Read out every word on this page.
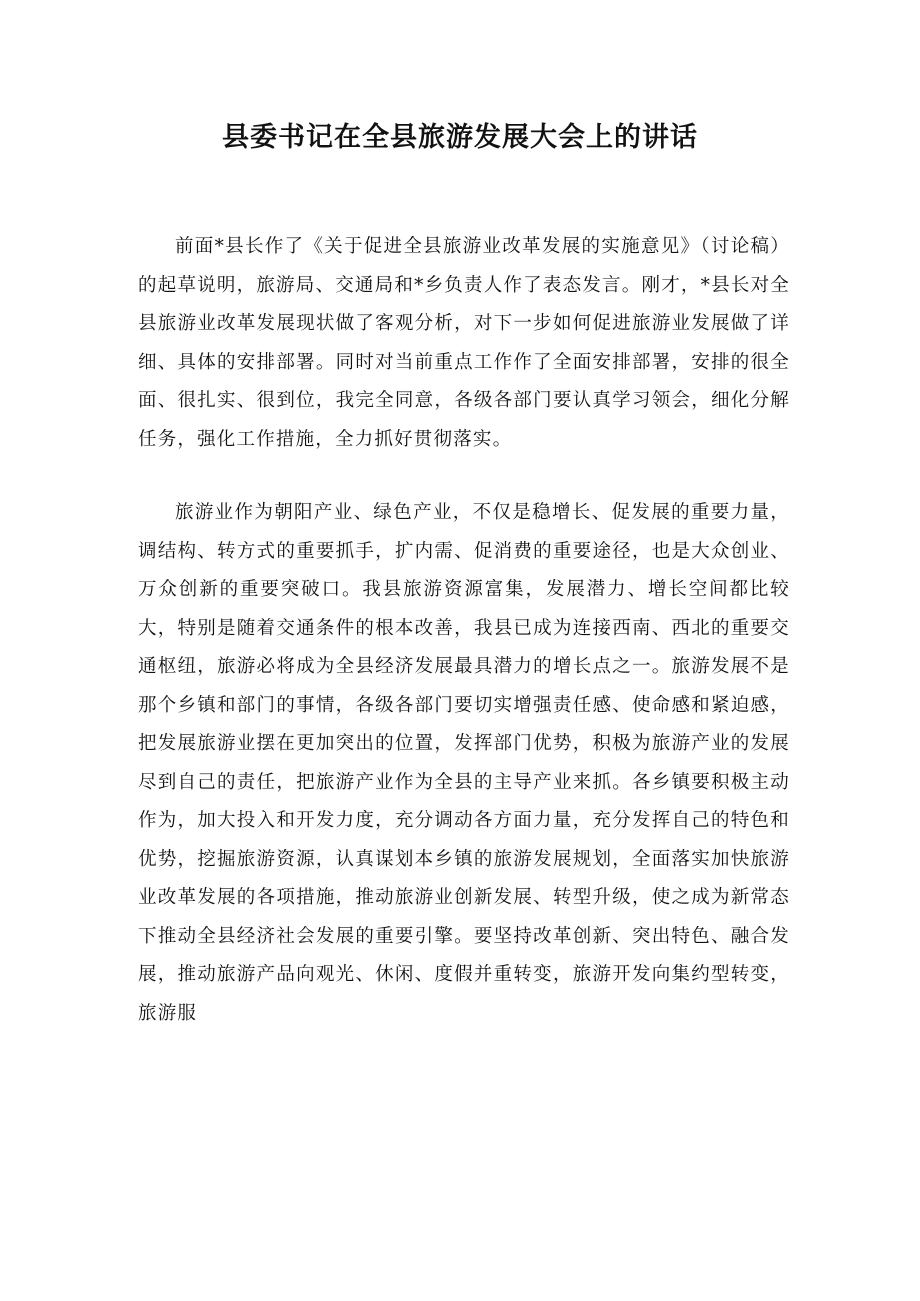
县委书记在全县旅游发展大会上的讲话

前面*县长作了《关于促进全县旅游业改革发展的实施意见》（讨论稿）的起草说明，旅游局、交通局和*乡负责人作了表态发言。刚才，*县长对全县旅游业改革发展现状做了客观分析，对下一步如何促进旅游业发展做了详细、具体的安排部署。同时对当前重点工作作了全面安排部署，安排的很全面、很扎实、很到位，我完全同意，各级各部门要认真学习领会，细化分解任务，强化工作措施，全力抓好贯彻落实。

旅游业作为朝阳产业、绿色产业，不仅是稳增长、促发展的重要力量，调结构、转方式的重要抓手，扩内需、促消费的重要途径，也是大众创业、万众创新的重要突破口。我县旅游资源富集，发展潜力、增长空间都比较大，特别是随着交通条件的根本改善，我县已成为连接西南、西北的重要交通枢纽，旅游必将成为全县经济发展最具潜力的增长点之一。旅游发展不是那个乡镇和部门的事情，各级各部门要切实增强责任感、使命感和紧迫感，把发展旅游业摆在更加突出的位置，发挥部门优势，积极为旅游产业的发展尽到自己的责任，把旅游产业作为全县的主导产业来抓。各乡镇要积极主动作为，加大投入和开发力度，充分调动各方面力量，充分发挥自己的特色和优势，挖掘旅游资源，认真谋划本乡镇的旅游发展规划，全面落实加快旅游业改革发展的各项措施，推动旅游业创新发展、转型升级，使之成为新常态下推动全县经济社会发展的重要引擎。要坚持改革创新、突出特色、融合发展，推动旅游产品向观光、休闲、度假并重转变，旅游开发向集约型转变，旅游服
